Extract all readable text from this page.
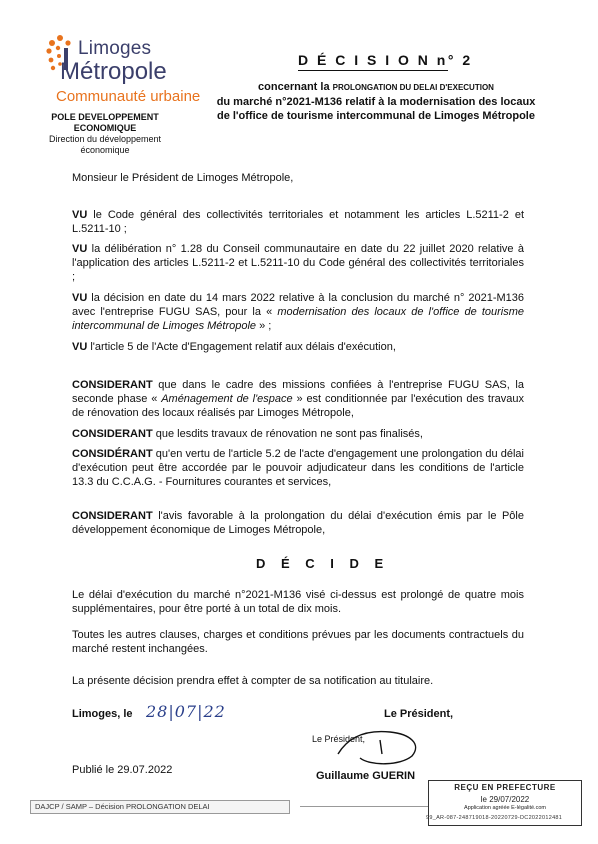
Limoges
Métropole
Communauté urbaine
POLE DEVELOPPEMENT
ECONOMIQUE
Direction du développement
économique
D É C I S I O N n° 2
concernant la PROLONGATION DU DELAI D'EXECUTION
du marché n°2021-M136 relatif à la modernisation des locaux de l'office de tourisme intercommunal de Limoges Métropole
Monsieur le Président de Limoges Métropole,
VU le Code général des collectivités territoriales et notamment les articles L.5211-2 et L.5211-10 ;
VU la délibération n° 1.28 du Conseil communautaire en date du 22 juillet 2020 relative à l'application des articles L.5211-2 et L.5211-10 du Code général des collectivités territoriales ;
VU la décision en date du 14 mars 2022 relative à la conclusion du marché n° 2021-M136 avec l'entreprise FUGU SAS, pour la « modernisation des locaux de l'office de tourisme intercommunal de Limoges Métropole » ;
VU l'article 5 de l'Acte d'Engagement relatif aux délais d'exécution,
CONSIDERANT que dans le cadre des missions confiées à l'entreprise FUGU SAS, la seconde phase « Aménagement de l'espace » est conditionnée par l'exécution des travaux de rénovation des locaux réalisés par Limoges Métropole,
CONSIDERANT que lesdits travaux de rénovation ne sont pas finalisés,
CONSIDÉRANT qu'en vertu de l'article 5.2 de l'acte d'engagement une prolongation du délai d'exécution peut être accordée par le pouvoir adjudicateur dans les conditions de l'article 13.3 du C.C.A.G. - Fournitures courantes et services,
CONSIDERANT l'avis favorable à la prolongation du délai d'exécution émis par le Pôle développement économique de Limoges Métropole,
D É C I D E
Le délai d'exécution du marché n°2021-M136 visé ci-dessus est prolongé de quatre mois supplémentaires, pour être porté à un total de dix mois.
Toutes les autres clauses, charges et conditions prévues par les documents contractuels du marché restent inchangées.
La présente décision prendra effet à compter de sa notification au titulaire.
Limoges, le 28|07|22	Le Président,
Le Président,
Guillaume GUERIN
Publié le 29.07.2022
DAJCP / SAMP – Décision PROLONGATION DELAI
REÇU EN PREFECTURE
le 29/07/2022
Application agréée E-légalité.com
99_AR-087-248719018-20220729-DC2022012481
